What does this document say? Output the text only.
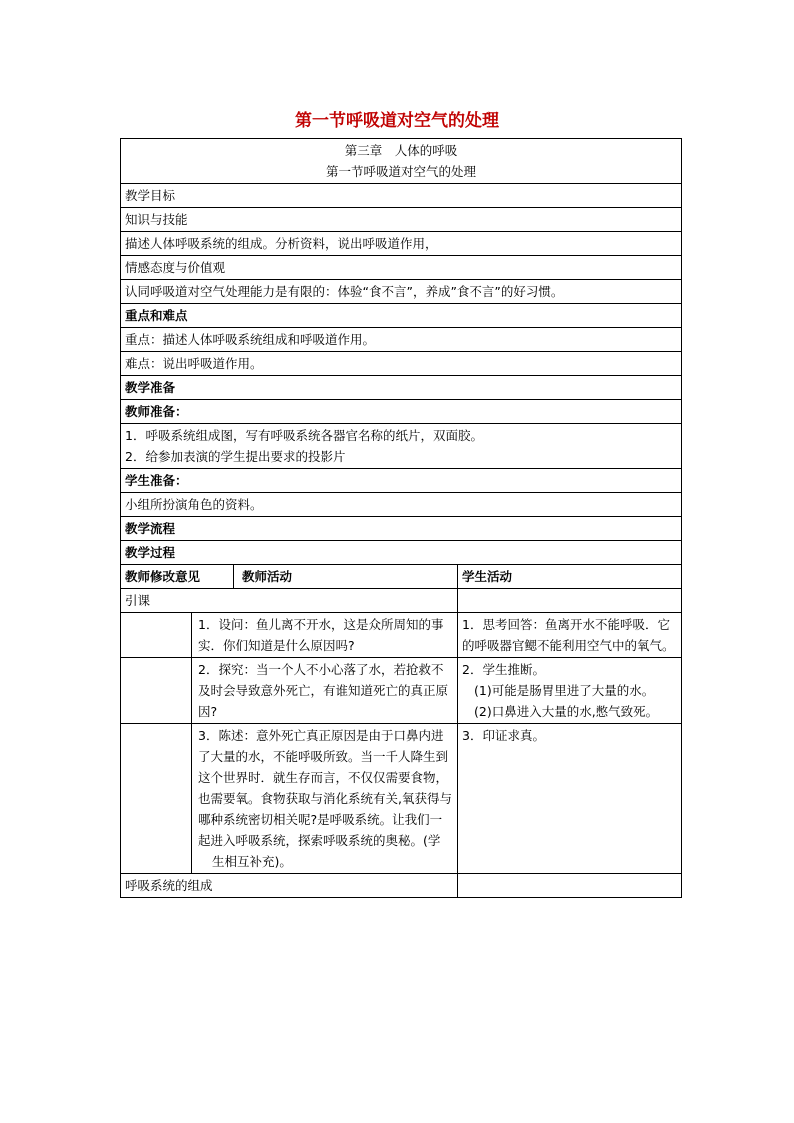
第一节呼吸道对空气的处理
第三章　人体的呼吸
第一节呼吸道对空气的处理			

教学目标			
知识与技能			
描述人体呼吸系统的组成。分析资料，说出呼吸道作用，			
情感态度与价值观			
认同呼吸道对空气处理能力是有限的：体验“食不言”，养成”食不言”的好习惯。			
重点和难点			
重点：描述人体呼吸系统组成和呼吸道作用。			
难点：说出呼吸道作用。			
教学准备			
教师准备：			

1．呼吸系统组成图，写有呼吸系统各器官名称的纸片，双面胶。
2．给参加表演的学生提出要求的投影片			

学生准备：			
小组所扮演角色的资料。			
教学流程			
教学过程			
教师修改意见		教师活动	学生活动
引课			
	1．设问：鱼儿离不开水，这是众所周知的事实．你们知道是什么原因吗?		1．思考回答：鱼离开水不能呼吸．它的呼吸器官鳃不能利用空气中的氧气。
	2．探究：当一个人不小心落了水，若抢救不及时会导致意外死亡，有谁知道死亡的真正原因?		2．学生推断。
(1)可能是肠胃里进了大量的水。
(2)口鼻进入大量的水,憋气致死。

	3．陈述：意外死亡真正原因是由于口鼻内进了大量的水，不能呼吸所致。当一千人降生到这个世界时．就生存而言，不仅仅需要食物，也需要氧。食物获取与消化系统有关,氧获得与哪种系统密切相关呢?是呼吸系统。让我们一起进入呼吸系统，探索呼吸系统的奥秘。(学
生相互补充)。		3．印证求真。
呼吸系统的组成			
